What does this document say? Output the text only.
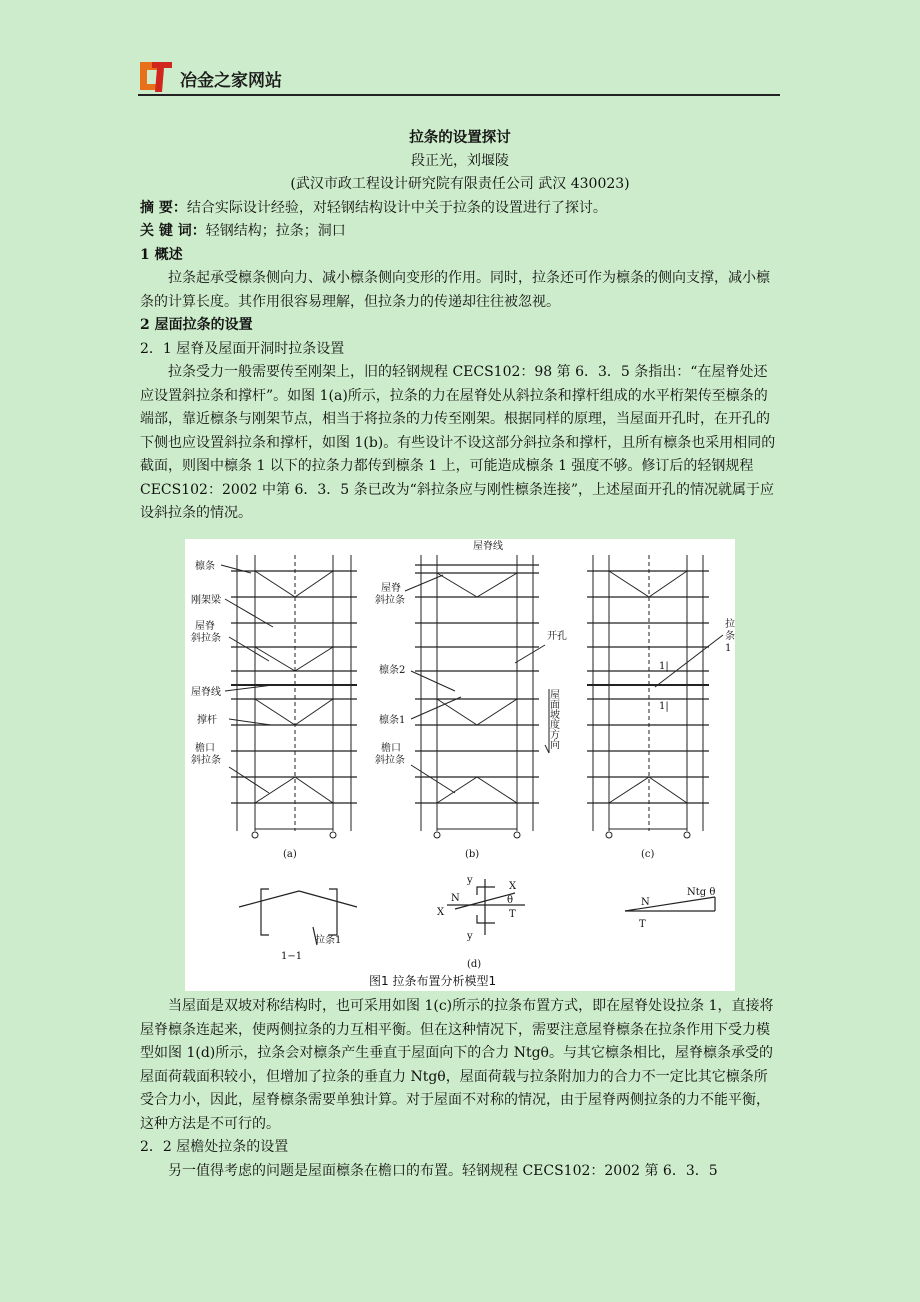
冶金之家网站

拉条的设置探讨

段正光，刘堰陵

(武汉市政工程设计研究院有限责任公司 武汉 430023)

摘 要：结合实际设计经验，对轻钢结构设计中关于拉条的设置进行了探讨。

关 键 词：轻钢结构；拉条；洞口

1 概述

拉条起承受檩条侧向力、减小檩条侧向变形的作用。同时，拉条还可作为檩条的侧向支撑，减小檩条的计算长度。其作用很容易理解，但拉条力的传递却往往被忽视。

2 屋面拉条的设置

2．1 屋脊及屋面开洞时拉条设置

拉条受力一般需要传至刚架上，旧的轻钢规程 CECS102：98 第 6．3．5 条指出：“在屋脊处还应设置斜拉条和撑杆”。如图 1(a)所示，拉条的力在屋脊处从斜拉条和撑杆组成的水平桁架传至檩条的端部，靠近檩条与刚架节点，相当于将拉条的力传至刚架。根据同样的原理，当屋面开孔时，在开孔的下侧也应设置斜拉条和撑杆，如图 1(b)。有些设计不设这部分斜拉条和撑杆，且所有檩条也采用相同的截面，则图中檩条 1 以下的拉条力都传到檩条 1 上，可能造成檩条 1 强度不够。修订后的轻钢规程 CECS102：2002 中第 6．3．5 条已改为“斜拉条应与刚性檩条连接”，上述屋面开孔的情况就属于应设斜拉条的情况。

檩条
刚架梁
屋脊
斜拉条
屋脊线
撑杆
檐口
斜拉条
(a)
屋脊线
屋脊
斜拉条
开孔
檩条2
檩条1
檐口
斜拉条
屋面坡度方向
(b)
拉
条
1
1|
1|
(c)
1−1
拉条1
N
X
X
y
y
θ
T
N
Ntg θ
T
(d)
图1 拉条布置分析模型1

当屋面是双坡对称结构时，也可采用如图 1(c)所示的拉条布置方式，即在屋脊处设拉条 1，直接将屋脊檩条连起来，使两侧拉条的力互相平衡。但在这种情况下，需要注意屋脊檩条在拉条作用下受力模型如图 1(d)所示，拉条会对檩条产生垂直于屋面向下的合力 Ntgθ。与其它檩条相比，屋脊檩条承受的屋面荷载面积较小，但增加了拉条的垂直力 Ntgθ，屋面荷载与拉条附加力的合力不一定比其它檩条所受合力小，因此，屋脊檩条需要单独计算。对于屋面不对称的情况，由于屋脊两侧拉条的力不能平衡，这种方法是不可行的。

2．2 屋檐处拉条的设置

另一值得考虑的问题是屋面檩条在檐口的布置。轻钢规程 CECS102：2002 第 6．3．5
